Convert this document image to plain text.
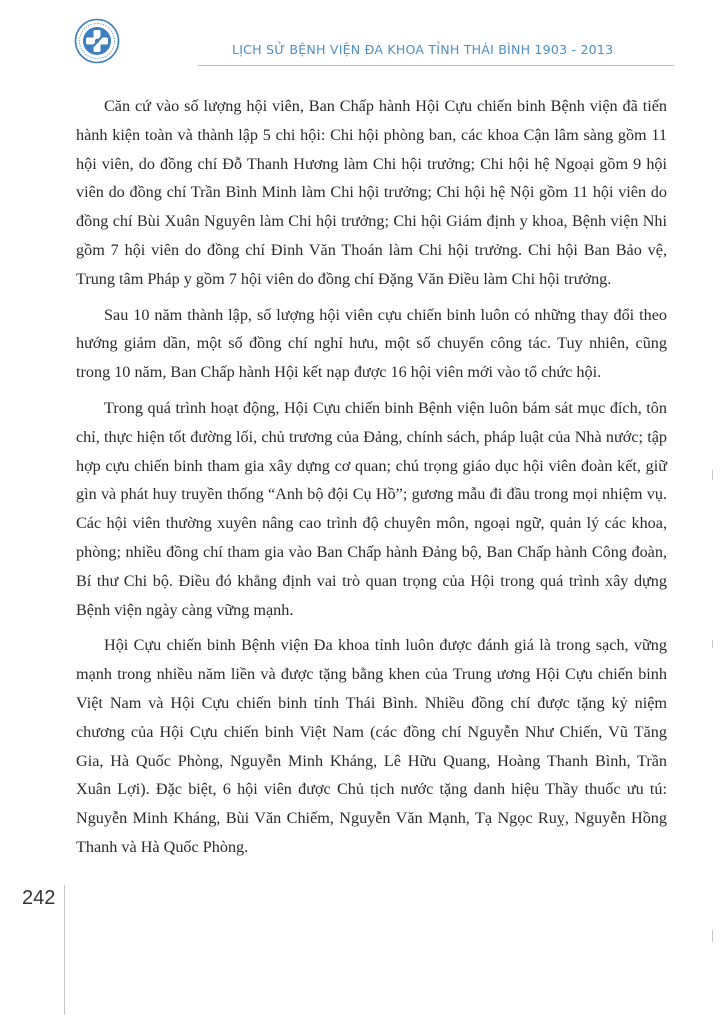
LỊCH SỬ BỆNH VIỆN ĐA KHOA TỈNH THÁI BÌNH 1903 - 2013

Căn cứ vào số lượng hội viên, Ban Chấp hành Hội Cựu chiến binh Bệnh viện đã tiến hành kiện toàn và thành lập 5 chi hội: Chi hội phòng ban, các khoa Cận lâm sàng gồm 11 hội viên, do đồng chí Đỗ Thanh Hương làm Chi hội trưởng; Chi hội hệ Ngoại gồm 9 hội viên do đồng chí Trần Bình Minh làm Chi hội trưởng; Chi hội hệ Nội gồm 11 hội viên do đồng chí Bùi Xuân Nguyên làm Chi hội trưởng; Chi hội Giám định y khoa, Bệnh viện Nhi gồm 7 hội viên do đồng chí Đinh Văn Thoán làm Chi hội trưởng. Chi hội Ban Bảo vệ, Trung tâm Pháp y gồm 7 hội viên do đồng chí Đặng Văn Điều làm Chi hội trưởng.

Sau 10 năm thành lập, số lượng hội viên cựu chiến binh luôn có những thay đổi theo hướng giảm dần, một số đồng chí nghỉ hưu, một số chuyển công tác. Tuy nhiên, cũng trong 10 năm, Ban Chấp hành Hội kết nạp được 16 hội viên mới vào tổ chức hội.

Trong quá trình hoạt động, Hội Cựu chiến binh Bệnh viện luôn bám sát mục đích, tôn chỉ, thực hiện tốt đường lối, chủ trương của Đảng, chính sách, pháp luật của Nhà nước; tập hợp cựu chiến binh tham gia xây dựng cơ quan; chú trọng giáo dục hội viên đoàn kết, giữ gìn và phát huy truyền thống “Anh bộ đội Cụ Hồ”; gương mẫu đi đầu trong mọi nhiệm vụ. Các hội viên thường xuyên nâng cao trình độ chuyên môn, ngoại ngữ, quản lý các khoa, phòng; nhiều đồng chí tham gia vào Ban Chấp hành Đảng bộ, Ban Chấp hành Công đoàn, Bí thư Chi bộ. Điều đó khẳng định vai trò quan trọng của Hội trong quá trình xây dựng Bệnh viện ngày càng vững mạnh.

Hội Cựu chiến binh Bệnh viện Đa khoa tỉnh luôn được đánh giá là trong sạch, vững mạnh trong nhiều năm liền và được tặng bằng khen của Trung ương Hội Cựu chiến binh Việt Nam và Hội Cựu chiến binh tỉnh Thái Bình. Nhiều đồng chí được tặng kỷ niệm chương của Hội Cựu chiến binh Việt Nam (các đồng chí Nguyễn Như Chiến, Vũ Tăng Gia, Hà Quốc Phòng, Nguyễn Minh Kháng, Lê Hữu Quang, Hoàng Thanh Bình, Trần Xuân Lợi). Đặc biệt, 6 hội viên được Chủ tịch nước tặng danh hiệu Thầy thuốc ưu tú: Nguyễn Minh Kháng, Bùi Văn Chiếm, Nguyễn Văn Mạnh, Tạ Ngọc Ruỵ, Nguyễn Hồng Thanh và Hà Quốc Phòng.

242
